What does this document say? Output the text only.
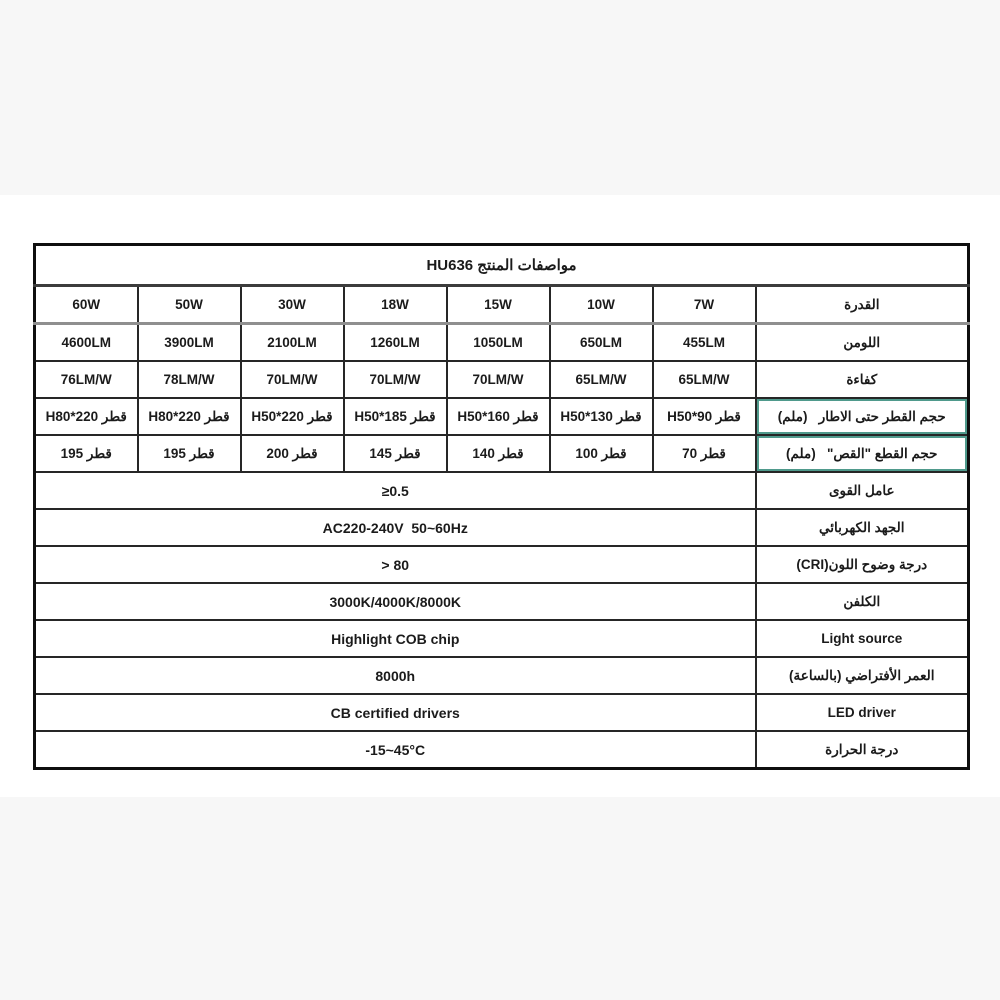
مواصفات المنتج HU636							
60W	50W	30W	18W	15W	10W	7W	القدرة
4600LM	3900LM	2100LM	1260LM	1050LM	650LM	455LM	اللومن
76LM/W	78LM/W	70LM/W	70LM/W	70LM/W	65LM/W	65LM/W	كفاءة
قطر H80*220	قطر H80*220	قطر H50*220	قطر H50*185	قطر H50*160	قطر H50*130	قطر H50*90	حجم القطر حتى الاطار   (ملم)
قطر 195	قطر 195	قطر 200	قطر 145	قطر 140	قطر 100	قطر 70	حجم القطع "القص"   (ملم)
≥0.5							عامل القوى
AC220-240V  50~60Hz							الجهد الكهربائي
> 80							درجة وضوح اللون(CRI)
3000K/4000K/8000K							الكلفن
Highlight COB chip							Light source
8000h							العمر الأفتراضي (بالساعة)
CB certified drivers							LED driver
-15~45°C							درجة الحرارة
